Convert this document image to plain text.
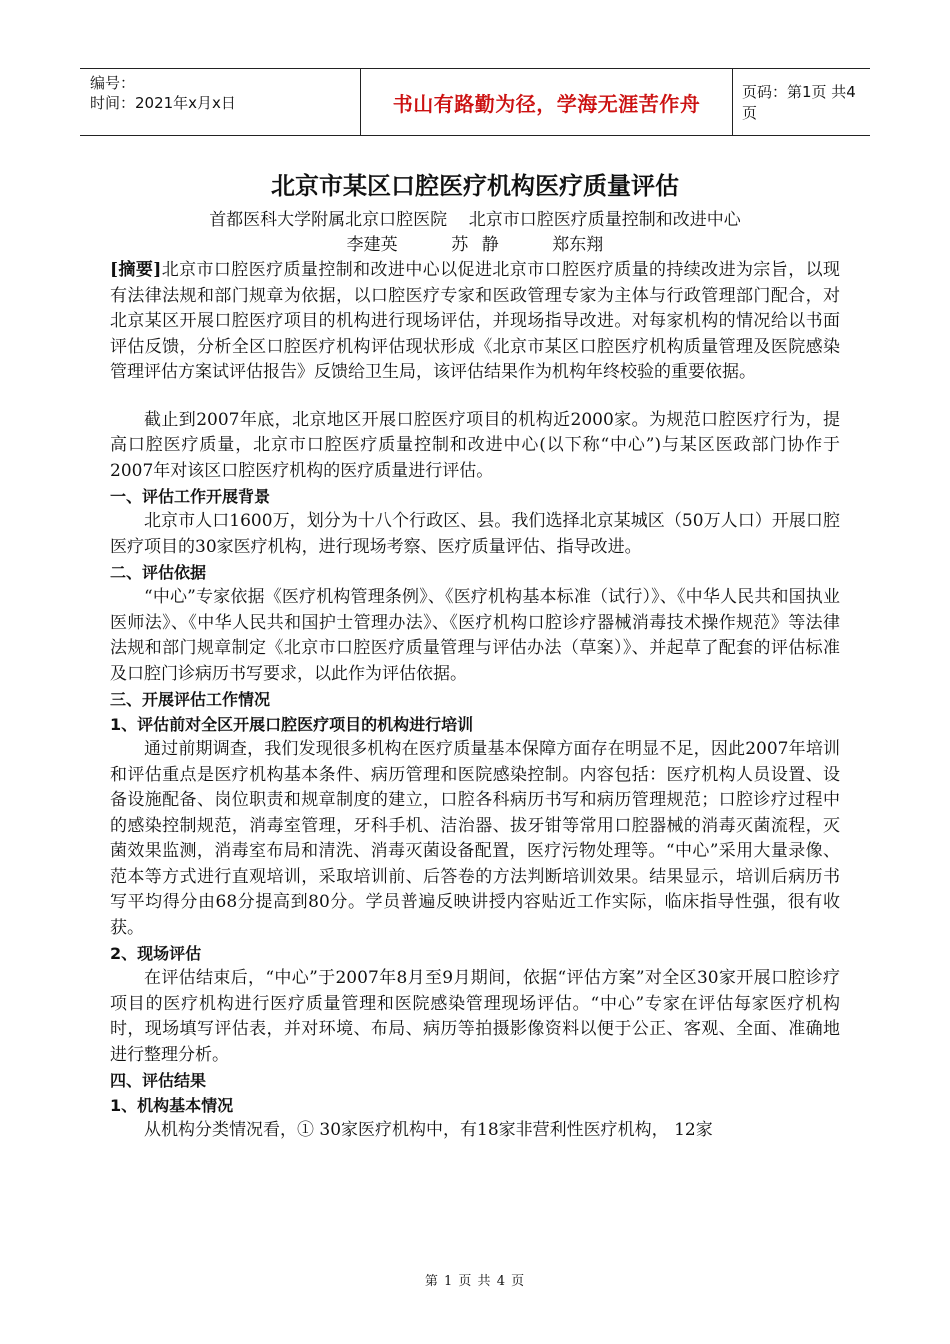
编号：
时间：2021年x月x日	书山有路勤为径，学海无涯苦作舟	页码：第1页 共4页
北京市某区口腔医疗机构医疗质量评估

首都医科大学附属北京口腔医院    北京市口腔医疗质量控制和改进中心

李建英    苏 静    郑东翔

[摘要]北京市口腔医疗质量控制和改进中心以促进北京市口腔医疗质量的持续改进为宗旨，以现有法律法规和部门规章为依据，以口腔医疗专家和医政管理专家为主体与行政管理部门配合，对北京某区开展口腔医疗项目的机构进行现场评估，并现场指导改进。对每家机构的情况给以书面评估反馈，分析全区口腔医疗机构评估现状形成《北京市某区口腔医疗机构质量管理及医院感染管理评估方案试评估报告》反馈给卫生局，该评估结果作为机构年终校验的重要依据。

截止到2007年底，北京地区开展口腔医疗项目的机构近2000家。为规范口腔医疗行为，提高口腔医疗质量，北京市口腔医疗质量控制和改进中心(以下称“中心”)与某区医政部门协作于2007年对该区口腔医疗机构的医疗质量进行评估。

一、评估工作开展背景

北京市人口1600万，划分为十八个行政区、县。我们选择北京某城区（50万人口）开展口腔医疗项目的30家医疗机构，进行现场考察、医疗质量评估、指导改进。

二、评估依据

“中心”专家依据《医疗机构管理条例》、《医疗机构基本标准（试行）》、《中华人民共和国执业医师法》、《中华人民共和国护士管理办法》、《医疗机构口腔诊疗器械消毒技术操作规范》等法律法规和部门规章制定《北京市口腔医疗质量管理与评估办法（草案）》、并起草了配套的评估标准及口腔门诊病历书写要求，以此作为评估依据。

三、开展评估工作情况
1、评估前对全区开展口腔医疗项目的机构进行培训

通过前期调查，我们发现很多机构在医疗质量基本保障方面存在明显不足，因此2007年培训和评估重点是医疗机构基本条件、病历管理和医院感染控制。内容包括：医疗机构人员设置、设备设施配备、岗位职责和规章制度的建立，口腔各科病历书写和病历管理规范；口腔诊疗过程中的感染控制规范，消毒室管理，牙科手机、洁治器、拔牙钳等常用口腔器械的消毒灭菌流程，灭菌效果监测，消毒室布局和清洗、消毒灭菌设备配置，医疗污物处理等。“中心”采用大量录像、范本等方式进行直观培训，采取培训前、后答卷的方法判断培训效果。结果显示，培训后病历书写平均得分由68分提高到80分。学员普遍反映讲授内容贴近工作实际，临床指导性强，很有收获。

2、现场评估

在评估结束后，“中心”于2007年8月至9月期间，依据“评估方案”对全区30家开展口腔诊疗项目的医疗机构进行医疗质量管理和医院感染管理现场评估。“中心”专家在评估每家医疗机构时，现场填写评估表，并对环境、布局、病历等拍摄影像资料以便于公正、客观、全面、准确地进行整理分析。

四、评估结果
1、机构基本情况

从机构分类情况看，① 30家医疗机构中，有18家非营利性医疗机构， 12家

第 1 页 共 4 页
